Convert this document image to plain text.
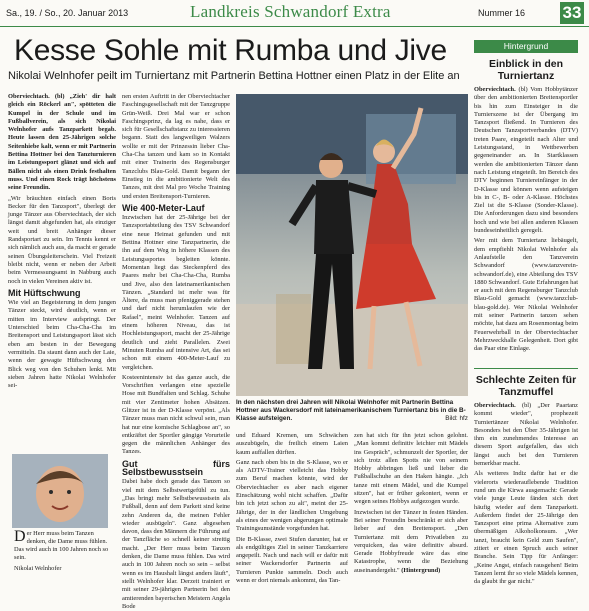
Sa., 19. / So., 20. Januar 2013	Landkreis Schwandorf Extra	Nummer 16 33
Kesse Sohle mit Rumba und Jive
Nikolai Welnhofer peilt im Turniertanz mit Partnerin Bettina Hottner einen Platz in der Elite an

Oberviechtach. (bl) „Zieh' dir halt gleich ein Röckerl an", spötteten die Kumpel in der Schule und im Fußballverein, als sich Nikolai Welnhofer aufs Tanzparkett begab. Heute lassen den 25-Jährigen solche Seitenhiebe kalt, wenn er mit Partnerin Bettina Hottner bei den Tanzturnieren im Leistungssport glänzt und sich auf Bällen nicht als einen Drink festhalten muss. Und einen Rock trägt höchstens seine Freundin.

„Wir bräuchten einfach einen Boris Becker für den Tanzsport", überlegt der junge Tänzer aus Oberviechtach, der sich längst damit abgefunden hat, als einziger weit und breit Anhänger dieser Randsportart zu sein. Im Tennis kennt er sich nämlich auch aus, da macht er gerade seinen Übungsleiterschein. Viel Freizeit bleibt nicht, wenn er neben der Arbeit beim Vermessungsamt in Nabburg auch noch in vielen Vereinen aktiv ist.

Mit Hüftschwung

Wie viel an Begeisterung in dem jungen Tänzer steckt, wird deutlich, wenn er mitten im Interview aufspringt. Der Unterschied beim Cha-Cha-Cha im Breitensport und Leistungssport lässt sich eben am besten in der Bewegung vermitteln. Da staunt dann auch der Laie, wenn der gewagte Hüftschwung den Blick weg von den Schuhen lenkt. Mit sieben Jahren hatte Nikolai Welnhofer sei-

nen ersten Auftritt in der Oberviechtacher Faschingsgesellschaft mit der Tanzgruppe Grün-Weiß. Drei Mal war er schon Faschingsprinz, da lag es nahe, dass er sich für Gesellschaftstanz zu interessieren begann. Statt des langweiligen Walzers wollte er mit der Prinzessin lieber Cha-Cha-Cha tanzen und kam so in Kontakt mit einer Trainerin des Regensburger Tanzclubs Blau-Gold. Damit begann der Einstieg in die ambitionierte Welt des Tanzes, mit drei Mal pro Woche Training und ersten Breitensport-Turnieren.

Wie 400-Meter-Lauf

Inzwischen hat der 25-Jährige bei der Tanzsportabteilung des TSV Schwandorf eine neue Heimat gefunden und mit Bettina Hottner eine Tanzpartnerin, die ihn auf dem Weg in höhere Klassen des Leistungssportes begleiten könnte. Momentan liegt das Steckenpferd des Paares mehr bei Cha-Cha-Cha, Rumba und Jive, also den lateinamerikanischen Tänzen. „Standard ist mehr was für Ältere, da muss man pfeniggerade stehen und darf nicht herumlaufen wie der Rafael", meint Welnhofer. Tanzen auf einem höheren Niveau, das ist Hochleistungssport, macht der 25-Jährige deutlich und zieht Parallelen. Zwei Minuten Rumba auf intensive Art, das sei schon mit einem 400-Meter-Lauf zu vergleichen.

Kosteenintensiv ist das ganze auch, die Vorschriften verlangen eine spezielle Hose mit Bundfalten und Schlag. Schuhe mit vier Zentimeter hohen Absätzen. Glitzer ist in der D-Klasse verpönt. „Als Tänzer muss man nicht schwul sein, man hat nur eine komische Schlagbose an", so entkräftet der Sportler gängige Vorurteile gegen die männlichen Anhänger des Tanzes.

Gut fürs Selbstbewusstsein

Dabei habe doch gerade das Tanzen so viel mit dem Selbstwertgefühl zu tun. „Das bringt mehr Selbstbewusstsein als Fußball, denn auf dem Parkett sind keine zehn Anderen da, die meinen Fehler wieder ausbügeln". Ganz abgesehen davon, dass den Männern die Führung auf der Tanzfläche so schnell keiner streitig macht. „Der Herr muss beim Tanzen denken, die Dame muss fühlen. Das wird auch in 100 Jahren noch so sein – selbst wenn es im Haushalt längst anders läuft", stellt Welnhofer klar. Derzeit trainiert er mit seiner 29-jährigen Partnerin bei den amtierenden bayerischen Meistern Angela Bode

In den nächsten drei Jahren will Nikolai Welnhofer mit Partnerin Bettina Hottner aus Wackersdorf mit lateinamerikanischem Turniertanz bis in die B-Klasse aufsteigen.	Bild: hfz

und Eduard Kremen, um Schwächen auszubügeln, die freilich einem Laien kaum auffallen dürften.

Ganz nach oben bis in die S-Klasse, wo er als ADTV-Trainer vielleicht das Hobby zum Beruf machen könnte, wird der Oberviechtacher es aber nach eigener Einschätzung wohl nicht schaffen. „Dafür bin ich jetzt schon zu alt", meint der 25-Jährige, der in der ländlichen Umgebung als eines der wenigen abgerungen optimale Trainingsumstände vorgefunden hat.

Die B-Klasse, zwei Stufen darunter, hat er als endgültiges Ziel in seiner Tanzkarriere angepeilt. Nach und nach will er dafür mit seiner Wackersdorfer Partnerin auf Turnieren Punkte sammeln. Doch auch wenn er dort niemals ankommt, das Tan-

zen hat sich für ihn jetzt schon gelohnt. „Man kommt definitiv leichter mit Mädels ins Gespräch", schmunzelt der Sportler, der sich trotz allen Spotts nie von seinem Hobby abbringen ließ und lieber die Fußballschuhe an den Haken hängte. „Ich tanze mit einem Mädel, und die Kumpel sitzen", hat er früher gekontert, wenn er wegen seines Hobbys aufgezogen wurde.

Inzwischen ist der Tänzer in festen Händen. Bei seiner Freundin beschränkt er sich aber lieber auf den Breitensport. „Den Turniertanz mit dem Privatleben zu verquicken, das wäre definitiv absurd. Gerade Hobbyfreude wäre das eine Katastrophe, wenn die Beziehung auseinandergeht." (Hintergrund)

Der Herr muss beim Tanzen denken, die Dame muss fühlen. Das wird auch in 100 Jahren noch so sein.
Nikolai Welnhofer
Hintergrund
Einblick in den Turniertanz

Oberviechtach. (bl) Vom Hobbytänzer über den ambitionierten Breitensportler bis hin zum Einsteiger in die Turnierszene ist der Übergang im Tanzsport fließend. In Turnieren des Deutschen Tanzsportverbandes (DTV) treten Paare, eingeteilt nach Alter und Leistungsstand, in Wettbewerben gegeneinander an. In Startklassen werden die ambitionierten Tänzer dann nach Leistung eingeteilt. Im Bereich des DTV beginnen Turniereinfänger in der D-Klasse und können wenn aufsteigen bis in C-, B- oder A-Klasse. Höchstes Ziel ist die S-Klasse (Sonder-Klasse). Die Anforderungen dazu sind besonders hoch und wie bei allen anderen Klassen bundeseinheitlich geregelt.

Wer mit dem Turniertanz liebäugelt, dem empfiehlt Nikolai Welnhofer als Anlaufstelle den Tanzverein Schwandorf (www.tanzverein-schwandorf.de), eine Abteilung des TSV 1880 Schwandorf. Gute Erfahrungen hat er auch mit dem Regensburger Tanzclub Blau-Gold gemacht (www.tanzclub-blau-gold.de). Wer Nikolai Welnhofer mit seiner Partnerin tanzen sehen möchte, hat dazu am Rosenmontag beim Feuerwehrball in der Oberviechtacher Mehrzweckhalle Gelegenheit. Dort gibt das Paar eine Einlage.

Schlechte Zeiten für Tanzmuffel

Oberviechtach. (bl) „Der Paartanz kommt wieder", prophezeit Turniertänzer Nikolai Welnhofer. Besonders bei den Über 35-Jährigen ist ihm ein zunehmendes Interesse an diesem Sport aufgefallen, das sich längst auch bei den Turnieren bemerkbar macht.

Als weiteres Indiz dafür hat er die vielerorts wiederauflebende Tradition rund um die Kirwa ausgemacht: Gerade viele junge Leute fänden sich dort häufig wieder auf dem Tanzparkett. Außerdem findet der 25-Jährige den Tanzsport eine prima Alternative zum übermäßigen Alkoholkonsum. „Wer tanzt, braucht kein Geld zum Saufen", zitiert er einen Spruch auch seiner Branche. Sein Tipp für Anfänger: „Keine Angst, einfach rausgehen! Beim Tanzen lernt ihr so viele Mädels kennen, da glaubt ihr gar nicht."
